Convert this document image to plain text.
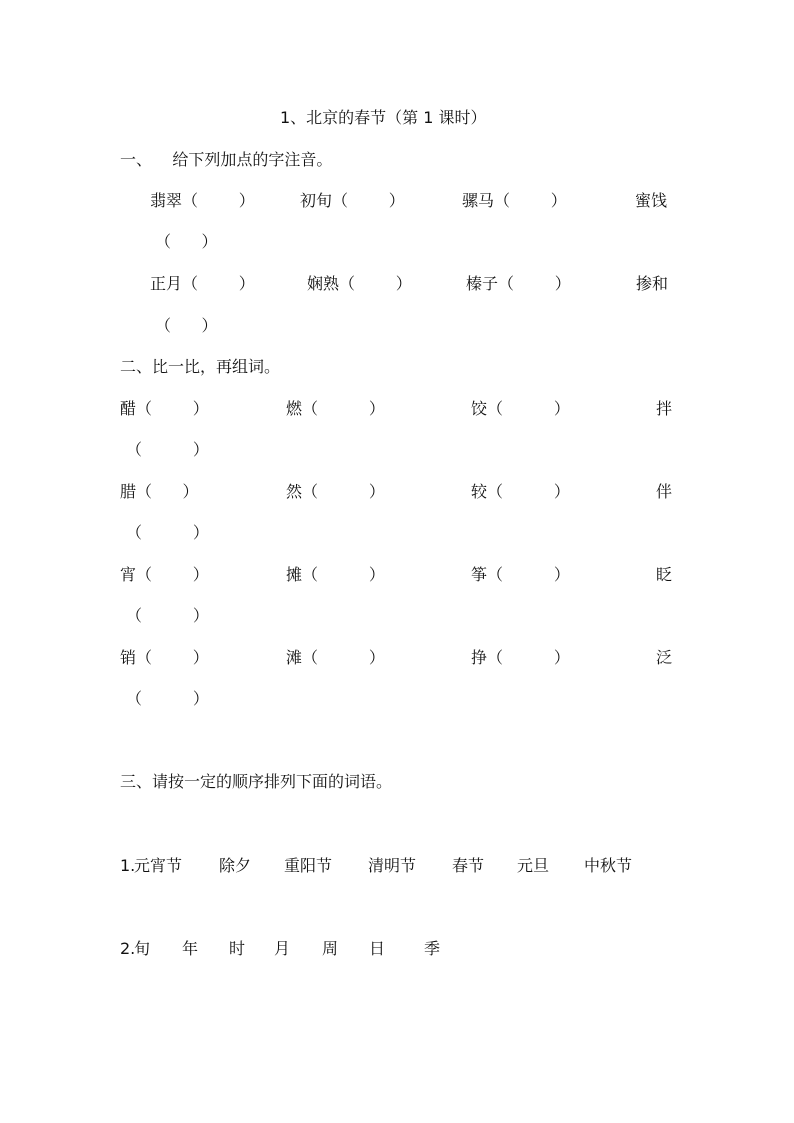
1、北京的春节（第 1 课时）
一、    给下列加点的字注音。
翡翠（        ）	初旬（        ）	骡马（        ）	蜜饯
（      ）
正月（        ）	娴熟（        ）	榛子（        ）	掺和
（      ）
二、比一比，再组词。
醋（        ）	燃（          ）	饺（          ）	拌
（          ）
腊（      ）	然（          ）	较（          ）	伴
（          ）
宵（        ）	摊（          ）	筝（          ）	眨
（          ）
销（        ）	滩（          ）	挣（          ）	泛
（          ）
三、请按一定的顺序排列下面的词语。
1.
元宵节 除夕 重阳节 清明节 春节 元旦 中秋节
2.
旬 年 时 月 周 日 季
